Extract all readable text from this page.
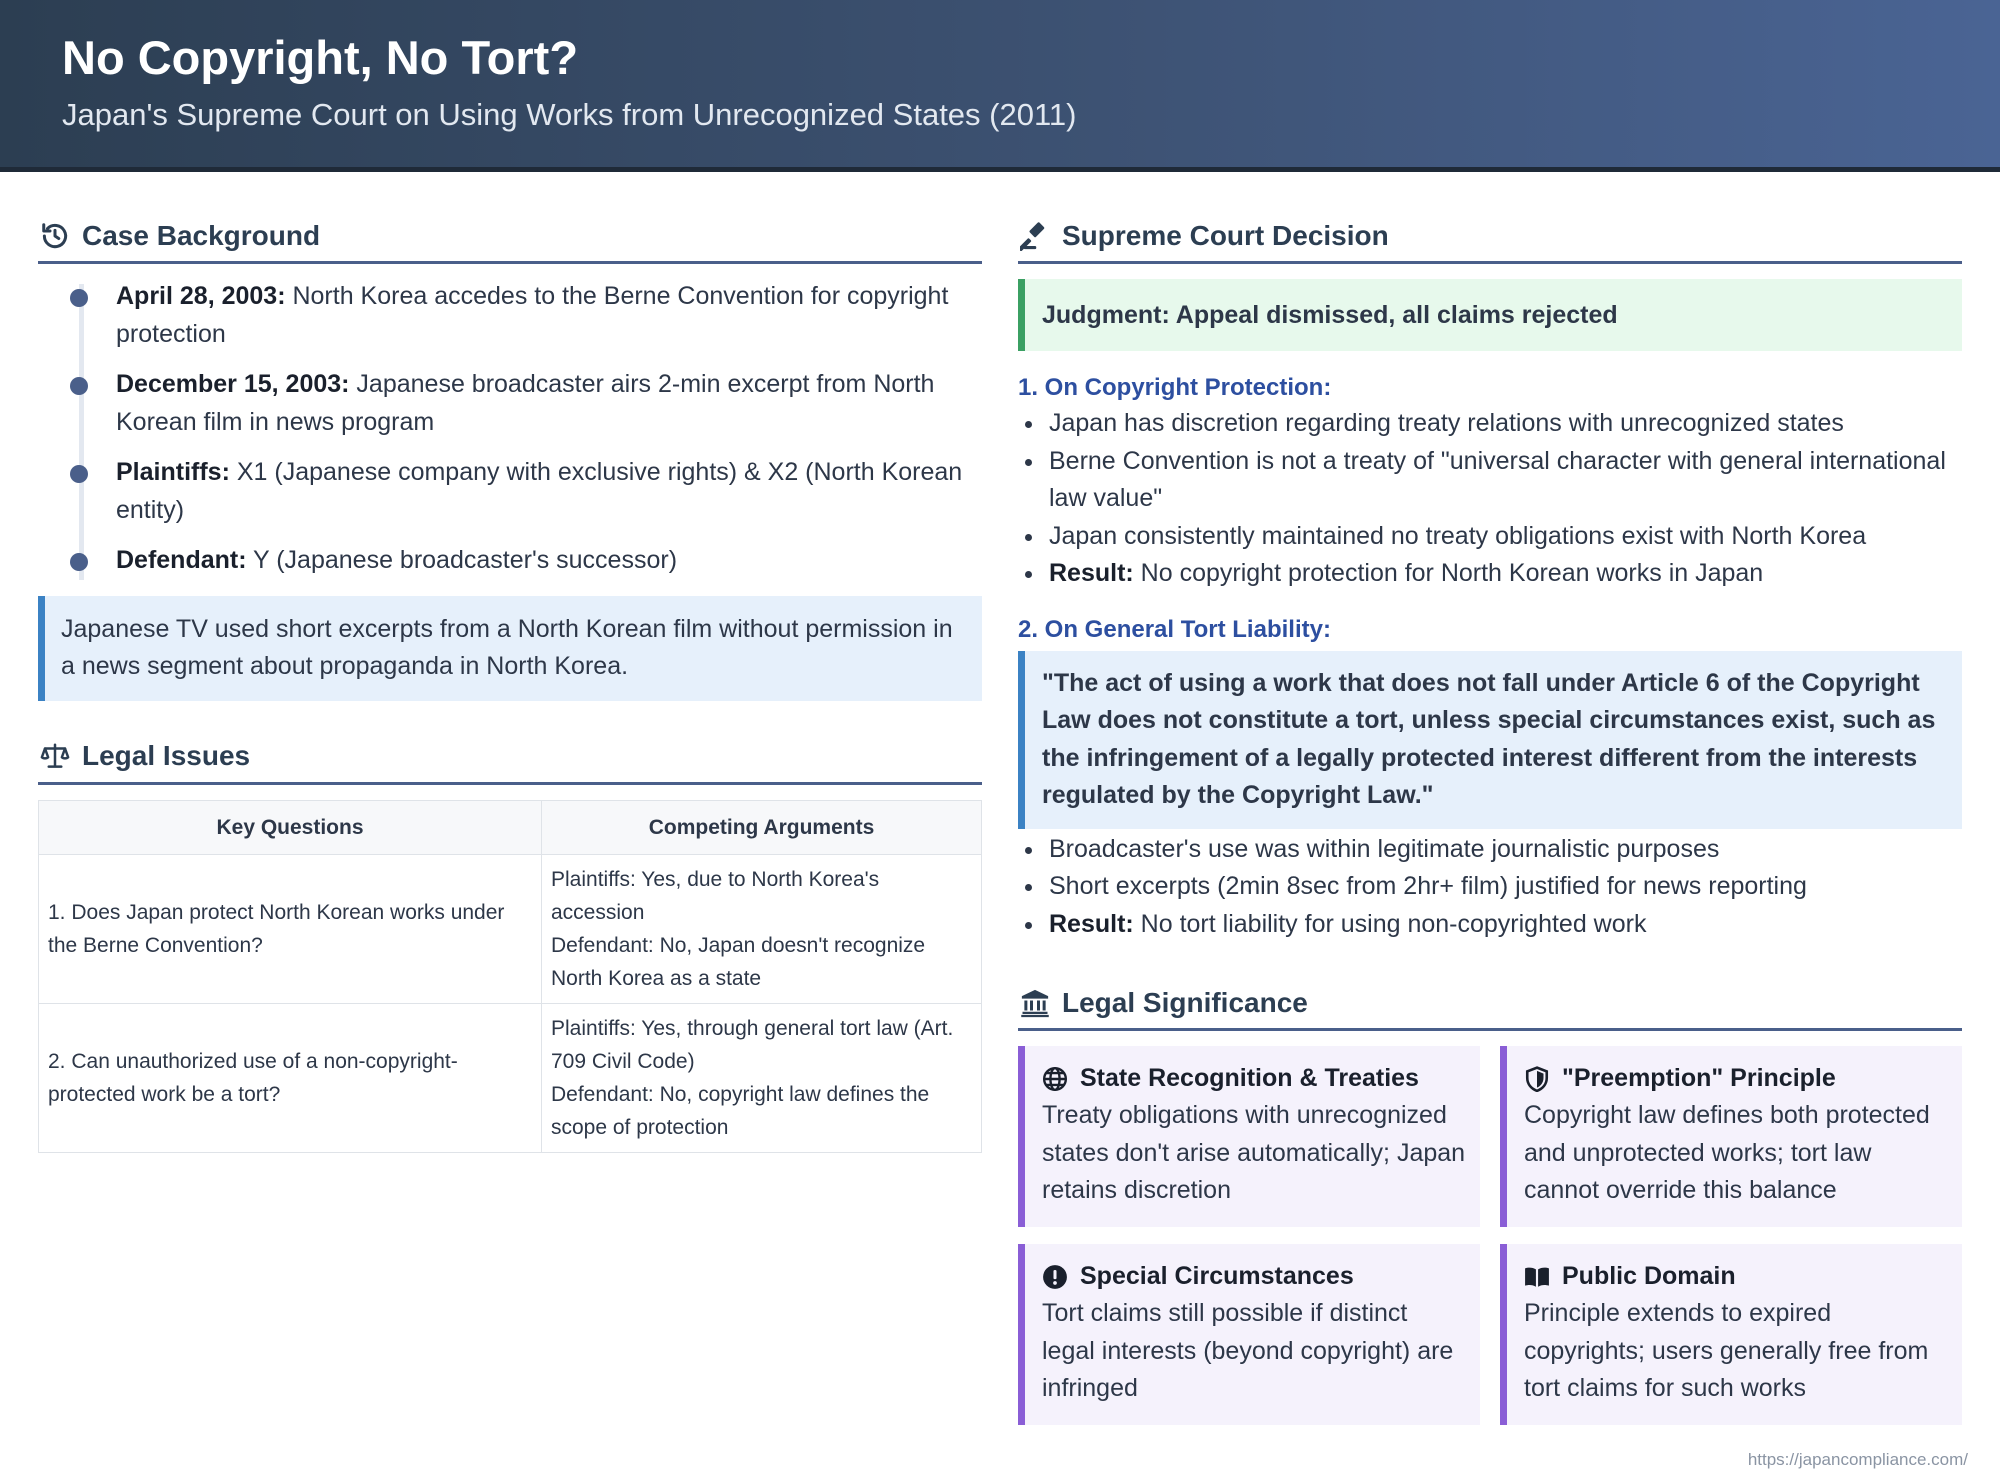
No Copyright, No Tort?
Japan's Supreme Court on Using Works from Unrecognized States (2011)
Case Background
April 28, 2003: North Korea accedes to the Berne Convention for copyright protection
December 15, 2003: Japanese broadcaster airs 2-min excerpt from North Korean film in news program
Plaintiffs: X1 (Japanese company with exclusive rights) & X2 (North Korean entity)
Defendant: Y (Japanese broadcaster's successor)
Japanese TV used short excerpts from a North Korean film without permission in a news segment about propaganda in North Korea.
Legal Issues
Key Questions	Competing Arguments
1. Does Japan protect North Korean works under the Berne Convention?	Plaintiffs: Yes, due to North Korea's accession
Defendant: No, Japan doesn't recognize North Korea as a state

2. Can unauthorized use of a non-copyright-protected work be a tort?	Plaintiffs: Yes, through general tort law (Art. 709 Civil Code)
Defendant: No, copyright law defines the scope of protection
Supreme Court Decision
Judgment: Appeal dismissed, all claims rejected
1. On Copyright Protection:
Japan has discretion regarding treaty relations with unrecognized states
Berne Convention is not a treaty of "universal character with general international law value"
Japan consistently maintained no treaty obligations exist with North Korea
Result: No copyright protection for North Korean works in Japan
2. On General Tort Liability:
"The act of using a work that does not fall under Article 6 of the Copyright Law does not constitute a tort, unless special circumstances exist, such as the infringement of a legally protected interest different from the interests regulated by the Copyright Law."
Broadcaster's use was within legitimate journalistic purposes
Short excerpts (2min 8sec from 2hr+ film) justified for news reporting
Result: No tort liability for using non-copyrighted work
Legal Significance
State Recognition & Treaties
Treaty obligations with unrecognized states don't arise automatically; Japan retains discretion
"Preemption" Principle
Copyright law defines both protected and unprotected works; tort law cannot override this balance
Special Circumstances
Tort claims still possible if distinct legal interests (beyond copyright) are infringed
Public Domain
Principle extends to expired copyrights; users generally free from tort claims for such works
https://japancompliance.com/
